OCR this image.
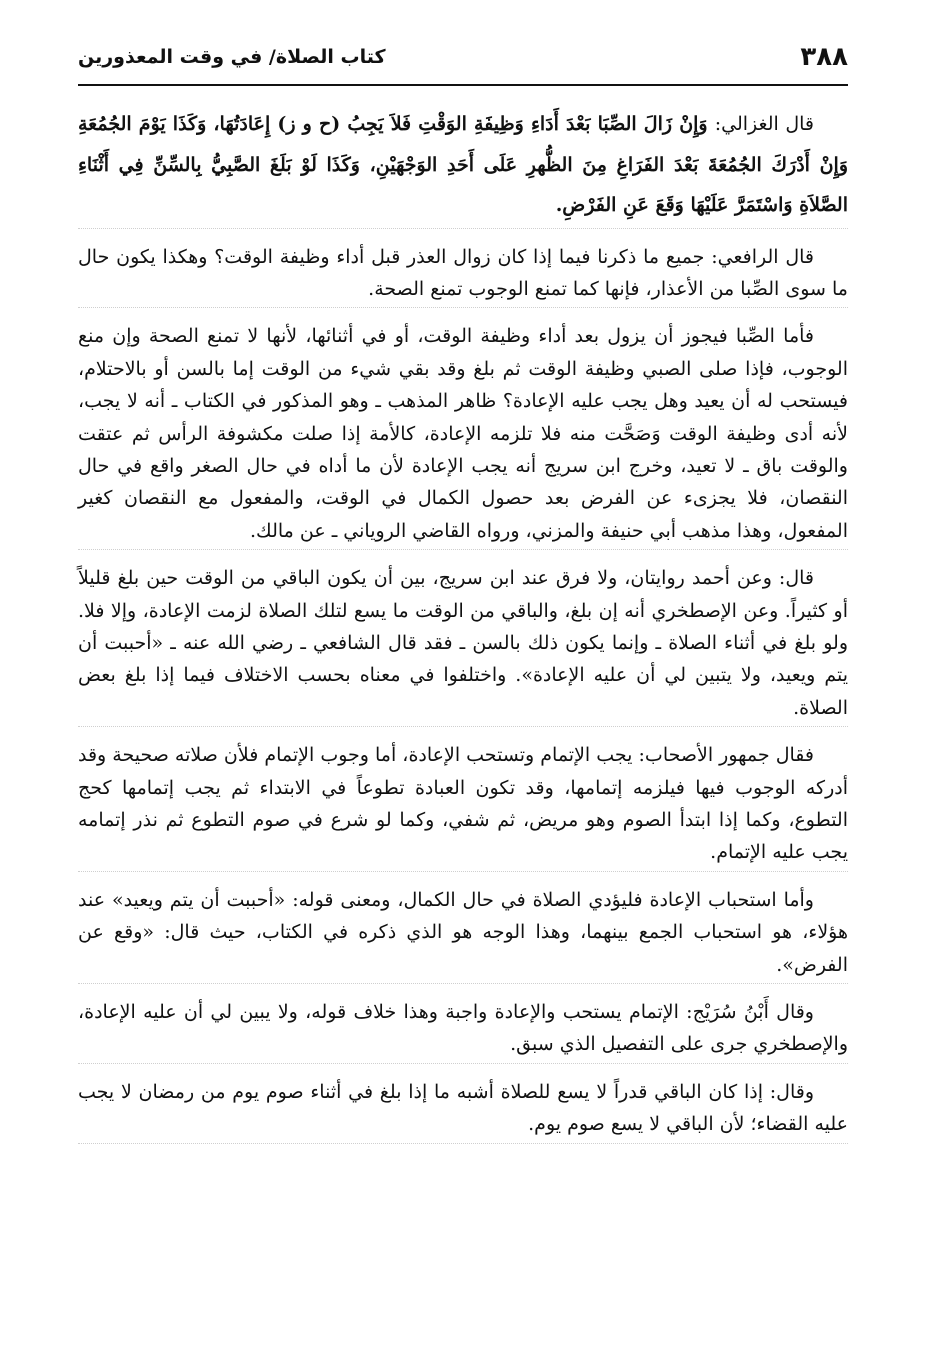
٣٨٨
كتاب الصلاة/ في وقت المعذورين

قال الغزالي: وَإِنْ زَالَ الصِّبَا بَعْدَ أَدَاءِ وَظِيفَةِ الوَقْتِ فَلاَ يَجِبُ (ح و ز) إِعَادَتُهَا، وَكَذَا يَوْمَ الجُمُعَةِ وَإِنْ أَدْرَكَ الجُمُعَةَ بَعْدَ الفَرَاغِ مِنَ الظُّهرِ عَلَى أَحَدِ الوَجْهَيْنِ، وَكَذَا لَوْ بَلَغَ الصَّبِيُّ بِالسِّنِّ فِي أَثْنَاءِ الصَّلاَةِ وَاسْتَمَرَّ عَلَيْهَا وَقَعَ عَنِ الفَرْضِ.

قال الرافعي: جميع ما ذكرنا فيما إذا كان زوال العذر قبل أداء وظيفة الوقت؟ وهكذا يكون حال ما سوى الصِّبا من الأعذار، فإنها كما تمنع الوجوب تمنع الصحة.

فأما الصِّبا فيجوز أن يزول بعد أداء وظيفة الوقت، أو في أثنائها، لأنها لا تمنع الصحة وإن منع الوجوب، فإذا صلى الصبي وظيفة الوقت ثم بلغ وقد بقي شيء من الوقت إما بالسن أو بالاحتلام، فيستحب له أن يعيد وهل يجب عليه الإعادة؟ ظاهر المذهب ـ وهو المذكور في الكتاب ـ أنه لا يجب، لأنه أدى وظيفة الوقت وَصَحَّت منه فلا تلزمه الإعادة، كالأمة إذا صلت مكشوفة الرأس ثم عتقت والوقت باق ـ لا تعيد، وخرج ابن سريج أنه يجب الإعادة لأن ما أداه في حال الصغر واقع في حال النقصان، فلا يجزىء عن الفرض بعد حصول الكمال في الوقت، والمفعول مع النقصان كغير المفعول، وهذا مذهب أبي حنيفة والمزني، ورواه القاضي الروياني ـ عن مالك.

قال: وعن أحمد روايتان، ولا فرق عند ابن سريج، بين أن يكون الباقي من الوقت حين بلغ قليلاً أو كثيراً. وعن الإصطخري أنه إن بلغ، والباقي من الوقت ما يسع لتلك الصلاة لزمت الإعادة، وإلا فلا. ولو بلغ في أثناء الصلاة ـ وإنما يكون ذلك بالسن ـ فقد قال الشافعي ـ رضي الله عنه ـ «أحببت أن يتم ويعيد، ولا يتبين لي أن عليه الإعادة». واختلفوا في معناه بحسب الاختلاف فيما إذا بلغ بعض الصلاة.

فقال جمهور الأصحاب: يجب الإتمام وتستحب الإعادة، أما وجوب الإتمام فلأن صلاته صحيحة وقد أدركه الوجوب فيها فيلزمه إتمامها، وقد تكون العبادة تطوعاً في الابتداء ثم يجب إتمامها كحج التطوع، وكما إذا ابتدأ الصوم وهو مريض، ثم شفي، وكما لو شرع في صوم التطوع ثم نذر إتمامه يجب عليه الإتمام.

وأما استحباب الإعادة فليؤدي الصلاة في حال الكمال، ومعنى قوله: «أحببت أن يتم ويعيد» عند هؤلاء، هو استحباب الجمع بينهما، وهذا الوجه هو الذي ذكره في الكتاب، حيث قال: «وقع عن الفرض».

وقال أَبْنُ سُرَيْج: الإتمام يستحب والإعادة واجبة وهذا خلاف قوله، ولا يبين لي أن عليه الإعادة، والإصطخري جرى على التفصيل الذي سبق.

وقال: إذا كان الباقي قدراً لا يسع للصلاة أشبه ما إذا بلغ في أثناء صوم يوم من رمضان لا يجب عليه القضاء؛ لأن الباقي لا يسع صوم يوم.
